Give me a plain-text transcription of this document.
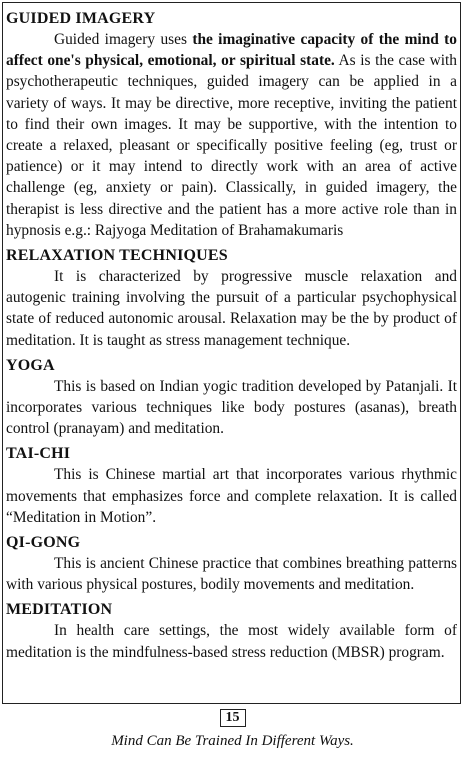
GUIDED IMAGERY

Guided imagery uses the imaginative capacity of the mind to affect one's physical, emotional, or spiritual state. As is the case with psychotherapeutic techniques, guided imagery can be applied in a variety of ways. It may be directive, more receptive, inviting the patient to find their own images. It may be supportive, with the intention to create a relaxed, pleasant or specifically positive feeling (eg, trust or patience) or it may intend to directly work with an area of active challenge (eg, anxiety or pain). Classically, in guided imagery, the therapist is less directive and the patient has a more active role than in hypnosis e.g.: Rajyoga Meditation of Brahamakumaris

RELAXATION TECHNIQUES

It is characterized by progressive muscle relaxation and autogenic training involving the pursuit of a particular psychophysical state of reduced autonomic arousal. Relaxation may be the by product of meditation. It is taught as stress management technique.

YOGA

This is based on Indian yogic tradition developed by Patanjali. It incorporates various techniques like body postures (asanas), breath control (pranayam) and meditation.

TAI-CHI

This is Chinese martial art that incorporates various rhythmic movements that emphasizes force and complete relaxation. It is called “Meditation in Motion”.

QI-GONG

This is ancient Chinese practice that combines breathing patterns with various physical postures, bodily movements and meditation.

MEDITATION

In health care settings, the most widely available form of meditation is the mindfulness-based stress reduction (MBSR) program.

15
Mind Can Be Trained In Different Ways.
